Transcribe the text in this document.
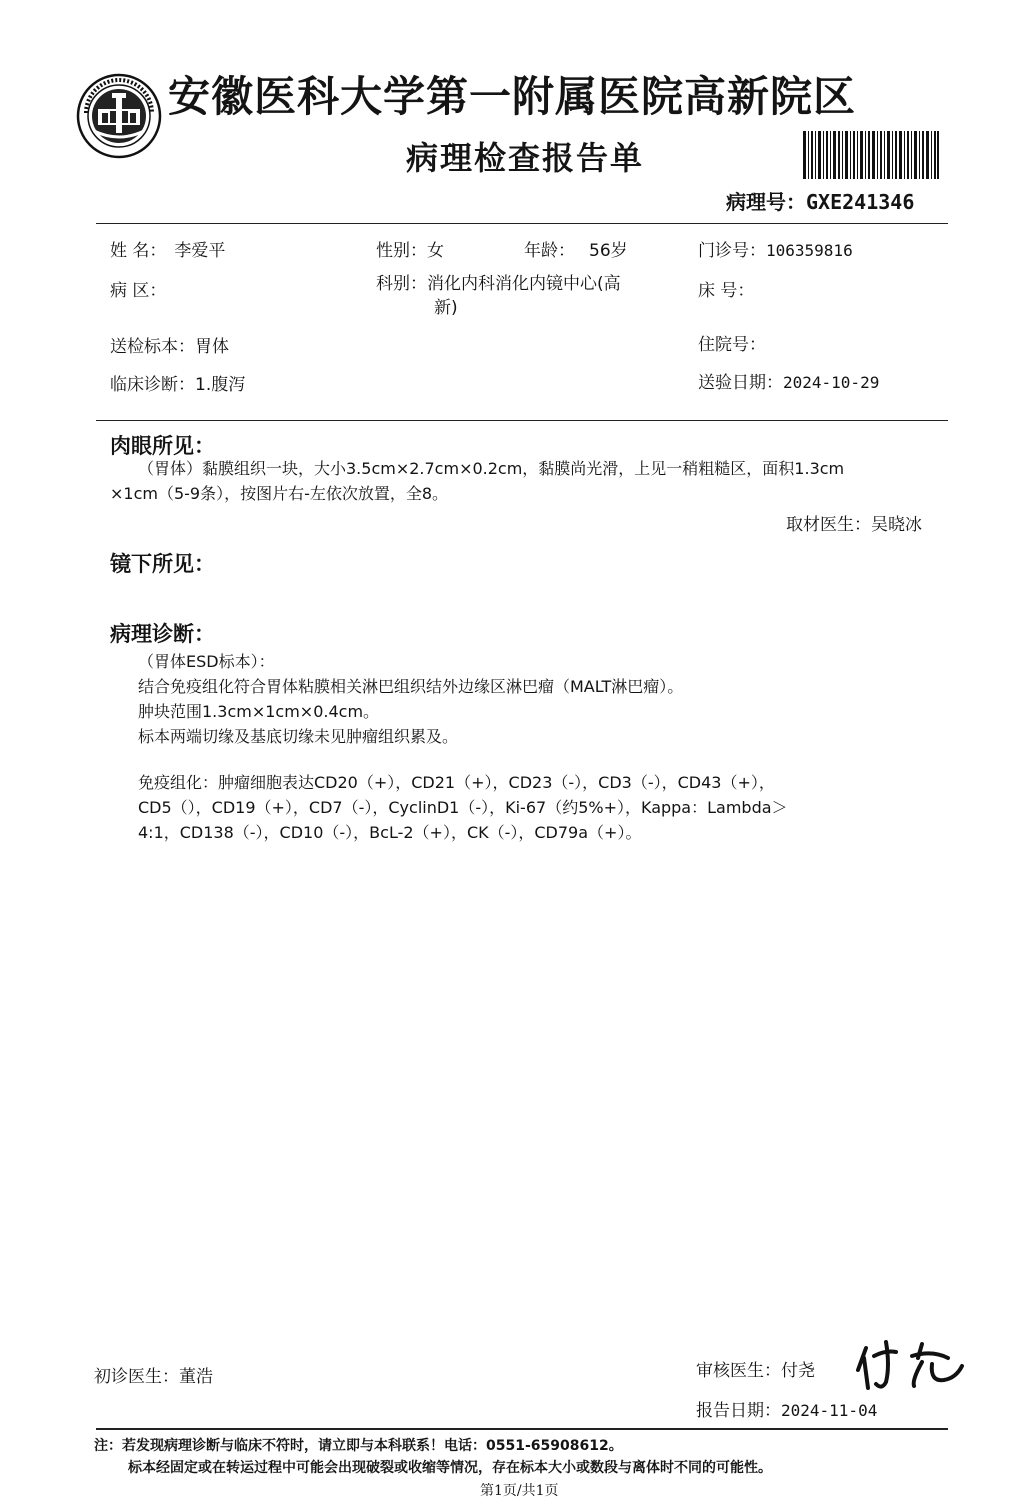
安徽医科大学第一附属医院高新院区
病理检查报告单
病理号：GXE241346
姓 名： 李爱平	性别：女	年龄： 56岁	门诊号：106359816
病 区：	科别：消化内科消化内镜中心(高
新)
床 号：
送检标本：胃体	住院号：
临床诊断：1.腹泻	送验日期：2024-10-29
肉眼所见：
（胃体）黏膜组织一块，大小3.5cm×2.7cm×0.2cm，黏膜尚光滑，上见一稍粗糙区，面积1.3cm
×1cm（5-9条），按图片右-左依次放置，全8。
取材医生：吴晓冰
镜下所见：
病理诊断：
（胃体ESD标本）：
结合免疫组化符合胃体粘膜相关淋巴组织结外边缘区淋巴瘤（MALT淋巴瘤）。
肿块范围1.3cm×1cm×0.4cm。
标本两端切缘及基底切缘未见肿瘤组织累及。
免疫组化：肿瘤细胞表达CD20（+），CD21（+），CD23（-），CD3（-），CD43（+），
CD5（），CD19（+），CD7（-），CyclinD1（-），Ki-67（约5%+），Kappa：Lambda＞
4:1，CD138（-），CD10（-），BcL-2（+），CK（-），CD79a（+）。
初诊医生：董浩	审核医生：付尧
报告日期：2024-11-04
注：若发现病理诊断与临床不符时，请立即与本科联系！电话：0551-65908612。
标本经固定或在转运过程中可能会出现破裂或收缩等情况，存在标本大小或数段与离体时不同的可能性。
第1页/共1页
